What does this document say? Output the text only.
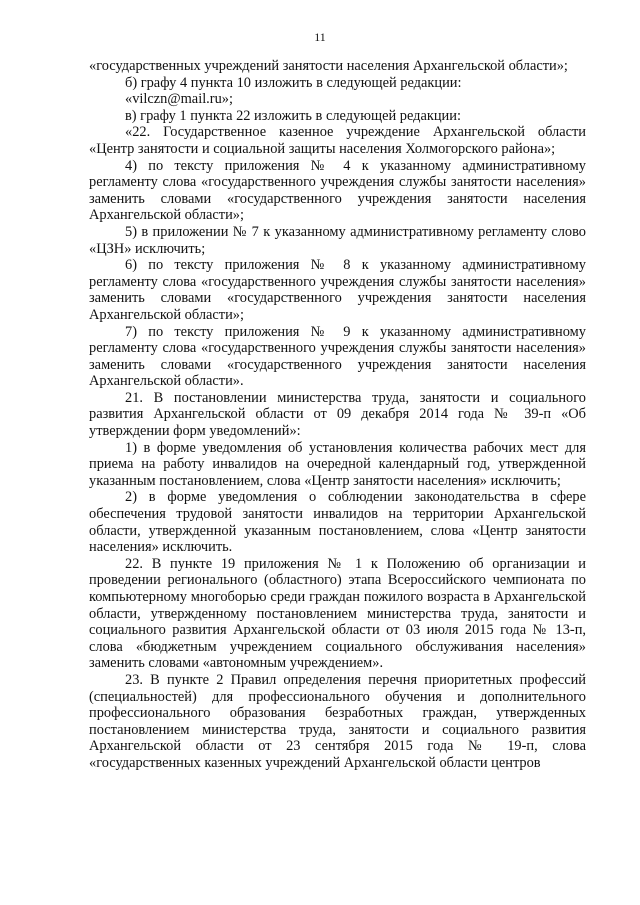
11

«государственных учреждений занятости населения Архангельской области»;

б) графу 4 пункта 10 изложить в следующей редакции:

«vilczn@mail.ru»;

в) графу 1 пункта 22 изложить в следующей редакции:

«22. Государственное казенное учреждение Архангельской области «Центр занятости и социальной защиты населения Холмогорского района»;

4) по тексту приложения № 4 к указанному административному регламенту слова «государственного учреждения службы занятости населения» заменить словами «государственного учреждения занятости населения Архангельской области»;

5) в приложении № 7 к указанному административному регламенту слово «ЦЗН» исключить;

6) по тексту приложения № 8 к указанному административному регламенту слова «государственного учреждения службы занятости населения» заменить словами «государственного учреждения занятости населения Архангельской области»;

7) по тексту приложения № 9 к указанному административному регламенту слова «государственного учреждения службы занятости населения» заменить словами «государственного учреждения занятости населения Архангельской области».

21. В постановлении министерства труда, занятости и социального развития Архангельской области от 09 декабря 2014 года № 39-п «Об утверждении форм уведомлений»:

1) в форме уведомления об установления количества рабочих мест для приема на работу инвалидов на очередной календарный год, утвержденной указанным постановлением, слова «Центр занятости населения» исключить;

2) в форме уведомления о соблюдении законодательства в сфере обеспечения трудовой занятости инвалидов на территории Архангельской области, утвержденной указанным постановлением, слова «Центр занятости населения» исключить.

22. В пункте 19 приложения № 1 к Положению об организации и проведении регионального (областного) этапа Всероссийского чемпионата по компьютерному многоборью среди граждан пожилого возраста в Архангельской области, утвержденному постановлением министерства труда, занятости и социального развития Архангельской области от 03 июля 2015 года № 13-п, слова «бюджетным учреждением социального обслуживания населения» заменить словами «автономным учреждением».

23. В пункте 2 Правил определения перечня приоритетных профессий (специальностей) для профессионального обучения и дополнительного профессионального образования безработных граждан, утвержденных постановлением министерства труда, занятости и социального развития Архангельской области от 23 сентября 2015 года № 19-п, слова «государственных казенных учреждений Архангельской области центров
